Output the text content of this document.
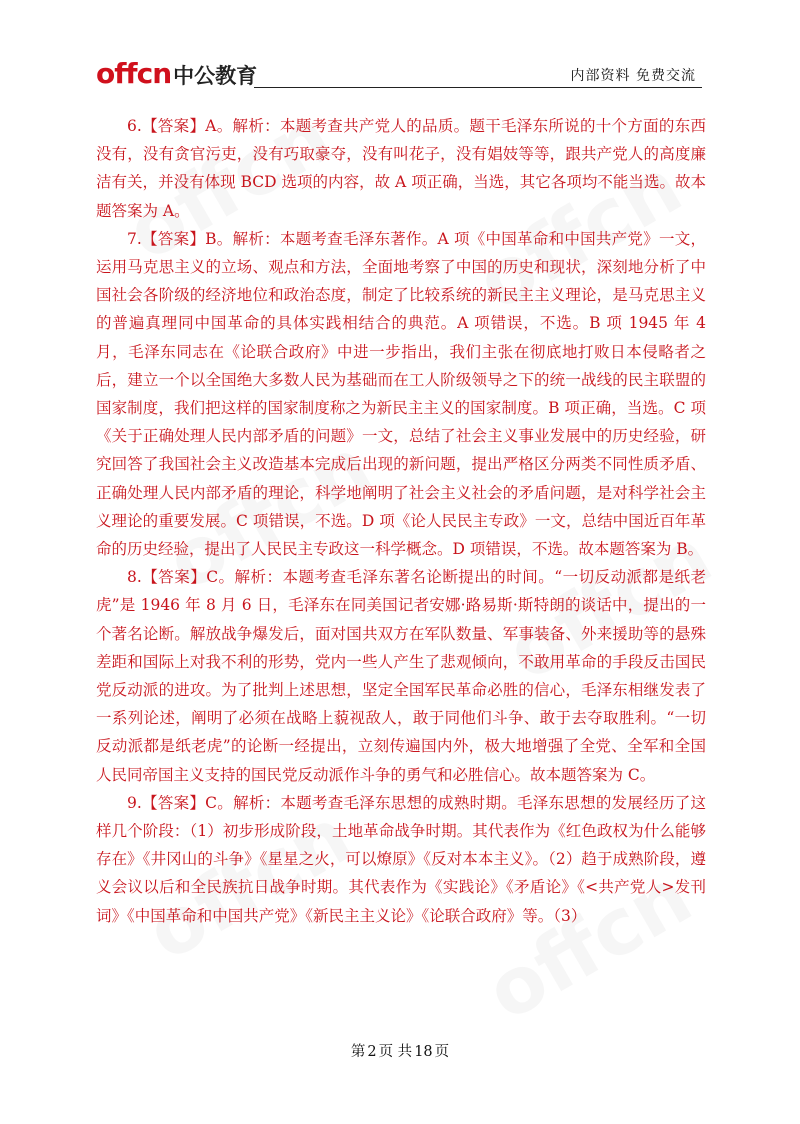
offcn 中公教育	内部资料 免费交流

6.【答案】A。解析：本题考查共产党人的品质。题干毛泽东所说的十个方面的东西没有，没有贪官污吏，没有巧取豪夺，没有叫花子，没有娼妓等等，跟共产党人的高度廉洁有关，并没有体现 BCD 选项的内容，故 A 项正确，当选，其它各项均不能当选。故本题答案为 A。

7.【答案】B。解析：本题考查毛泽东著作。A 项《中国革命和中国共产党》一文，运用马克思主义的立场、观点和方法，全面地考察了中国的历史和现状，深刻地分析了中国社会各阶级的经济地位和政治态度，制定了比较系统的新民主主义理论，是马克思主义的普遍真理同中国革命的具体实践相结合的典范。A 项错误，不选。B 项 1945 年 4 月，毛泽东同志在《论联合政府》中进一步指出，我们主张在彻底地打败日本侵略者之后，建立一个以全国绝大多数人民为基础而在工人阶级领导之下的统一战线的民主联盟的国家制度，我们把这样的国家制度称之为新民主主义的国家制度。B 项正确，当选。C 项《关于正确处理人民内部矛盾的问题》一文，总结了社会主义事业发展中的历史经验，研究回答了我国社会主义改造基本完成后出现的新问题，提出严格区分两类不同性质矛盾、正确处理人民内部矛盾的理论，科学地阐明了社会主义社会的矛盾问题，是对科学社会主义理论的重要发展。C 项错误，不选。D 项《论人民民主专政》一文，总结中国近百年革命的历史经验，提出了人民民主专政这一科学概念。D 项错误，不选。故本题答案为 B。

8.【答案】C。解析：本题考查毛泽东著名论断提出的时间。“一切反动派都是纸老虎”是 1946 年 8 月 6 日，毛泽东在同美国记者安娜·路易斯·斯特朗的谈话中，提出的一个著名论断。解放战争爆发后，面对国共双方在军队数量、军事装备、外来援助等的悬殊差距和国际上对我不利的形势，党内一些人产生了悲观倾向，不敢用革命的手段反击国民党反动派的进攻。为了批判上述思想，坚定全国军民革命必胜的信心，毛泽东相继发表了一系列论述，阐明了必须在战略上藐视敌人，敢于同他们斗争、敢于去夺取胜利。“一切反动派都是纸老虎”的论断一经提出，立刻传遍国内外，极大地增强了全党、全军和全国人民同帝国主义支持的国民党反动派作斗争的勇气和必胜信心。故本题答案为 C。

9.【答案】C。解析：本题考查毛泽东思想的成熟时期。毛泽东思想的发展经历了这样几个阶段：（1）初步形成阶段，土地革命战争时期。其代表作为《红色政权为什么能够存在》《井冈山的斗争》《星星之火，可以燎原》《反对本本主义》。（2）趋于成熟阶段，遵义会议以后和全民族抗日战争时期。其代表作为《实践论》《矛盾论》《<共产党人>发刊词》《中国革命和中国共产党》《新民主主义论》《论联合政府》等。（3）

第 2 页 共 18 页
